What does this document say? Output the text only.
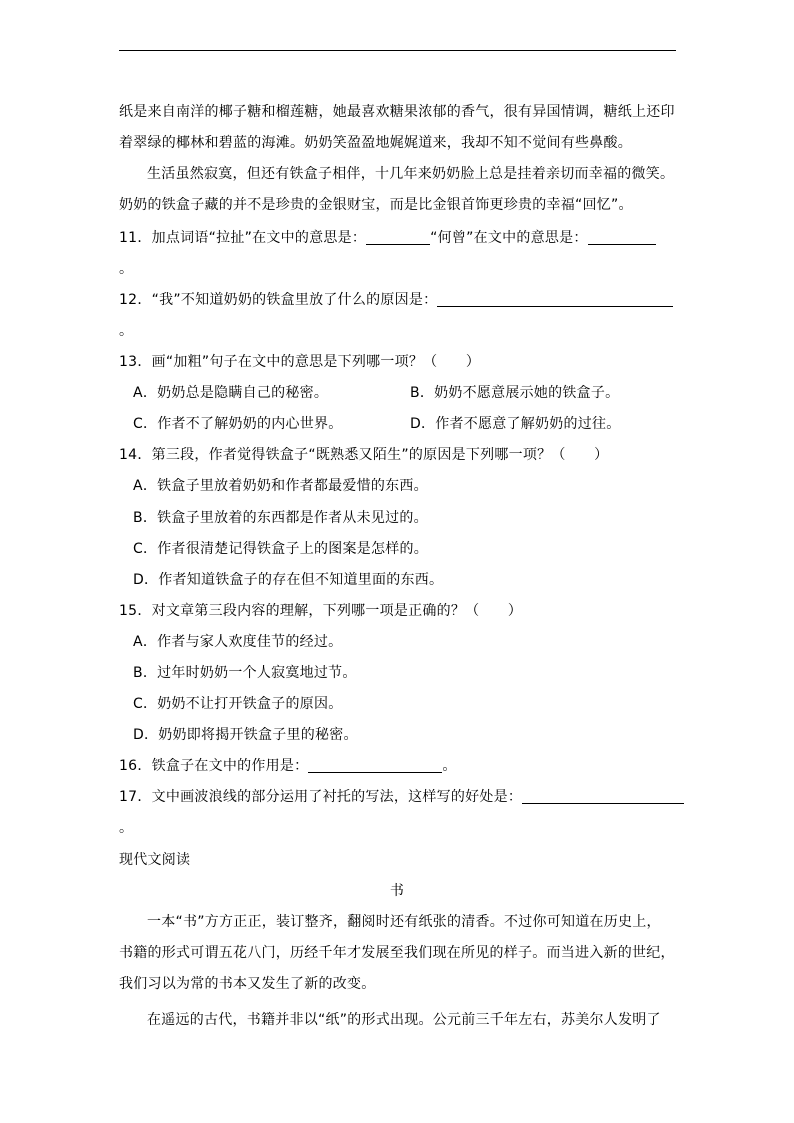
纸是来自南洋的椰子糖和榴莲糖，她最喜欢糖果浓郁的香气，很有异国情调，糖纸上还印
着翠绿的椰林和碧蓝的海滩。奶奶笑盈盈地娓娓道来，我却不知不觉间有些鼻酸。
生活虽然寂寞，但还有铁盒子相伴，十几年来奶奶脸上总是挂着亲切而幸福的微笑。
奶奶的铁盒子藏的并不是珍贵的金银财宝，而是比金银首饰更珍贵的幸福“回忆”。
11．加点词语“拉扯”在文中的意思是：	“何曾”在文中的意思是：
。
12．“我”不知道奶奶的铁盒里放了什么的原因是：
。
13．画“加粗”句子在文中的意思是下列哪一项？（　　）
A．奶奶总是隐瞒自己的秘密。	B．奶奶不愿意展示她的铁盒子。
C．作者不了解奶奶的内心世界。	D．作者不愿意了解奶奶的过往。
14．第三段，作者觉得铁盒子“既熟悉又陌生”的原因是下列哪一项？（　　）
A．铁盒子里放着奶奶和作者都最爱惜的东西。
B．铁盒子里放着的东西都是作者从未见过的。
C．作者很清楚记得铁盒子上的图案是怎样的。
D．作者知道铁盒子的存在但不知道里面的东西。
15．对文章第三段内容的理解，下列哪一项是正确的？（　　）
A．作者与家人欢度佳节的经过。
B．过年时奶奶一个人寂寞地过节。
C．奶奶不让打开铁盒子的原因。
D．奶奶即将揭开铁盒子里的秘密。
16．铁盒子在文中的作用是：	。
17．文中画波浪线的部分运用了衬托的写法，这样写的好处是：
。
现代文阅读
书
一本“书”方方正正，装订整齐，翻阅时还有纸张的清香。不过你可知道在历史上，
书籍的形式可谓五花八门，历经千年才发展至我们现在所见的样子。而当进入新的世纪，
我们习以为常的书本又发生了新的改变。
在遥远的古代，书籍并非以“纸”的形式出现。公元前三千年左右，苏美尔人发明了
